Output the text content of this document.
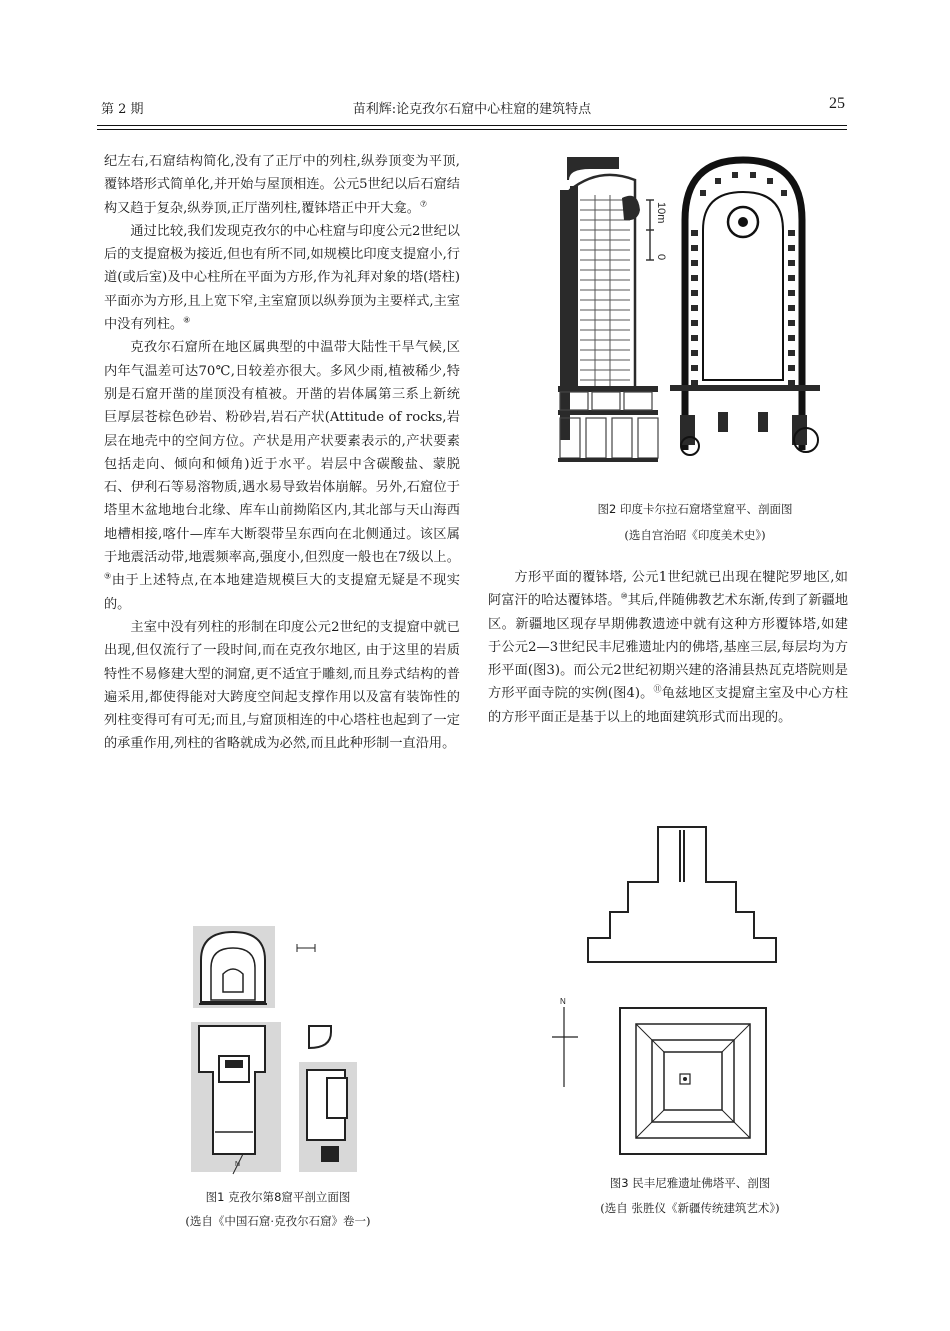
第 2 期	苗利辉:论克孜尔石窟中心柱窟的建筑特点	25

纪左右,石窟结构简化,没有了正厅中的列柱,纵券顶变为平顶,覆钵塔形式简单化,并开始与屋顶相连。公元5世纪以后石窟结构又趋于复杂,纵券顶,正厅凿列柱,覆钵塔正中开大龛。⑦

通过比较,我们发现克孜尔的中心柱窟与印度公元2世纪以后的支提窟极为接近,但也有所不同,如规模比印度支提窟小,行道(或后室)及中心柱所在平面为方形,作为礼拜对象的塔(塔柱)平面亦为方形,且上宽下窄,主室窟顶以纵券顶为主要样式,主室中没有列柱。⑧

克孜尔石窟所在地区属典型的中温带大陆性干旱气候,区内年气温差可达70℃,日较差亦很大。多风少雨,植被稀少,特别是石窟开凿的崖顶没有植被。开凿的岩体属第三系上新统巨厚层苍棕色砂岩、粉砂岩,岩石产状(Attitude of rocks,岩层在地壳中的空间方位。产状是用产状要素表示的,产状要素包括走向、倾向和倾角)近于水平。岩层中含碳酸盐、蒙脱石、伊利石等易溶物质,遇水易导致岩体崩解。另外,石窟位于塔里木盆地地台北缘、库车山前拗陷区内,其北部与天山海西地槽相接,喀什—库车大断裂带呈东西向在北侧通过。该区属于地震活动带,地震频率高,强度小,但烈度一般也在7级以上。⑨由于上述特点,在本地建造规模巨大的支提窟无疑是不现实的。

主室中没有列柱的形制在印度公元2世纪的支提窟中就已出现,但仅流行了一段时间,而在克孜尔地区, 由于这里的岩质特性不易修建大型的洞窟,更不适宜于雕刻,而且券式结构的普遍采用,都使得能对大跨度空间起支撑作用以及富有装饰性的列柱变得可有可无;而且,与窟顶相连的中心塔柱也起到了一定的承重作用,列柱的省略就成为必然,而且此种形制一直沿用。

方形平面的覆钵塔, 公元1世纪就已出现在犍陀罗地区,如阿富汗的哈达覆钵塔。⑩其后,伴随佛教艺术东渐,传到了新疆地区。新疆地区现存早期佛教遗迹中就有这种方形覆钵塔,如建于公元2—3世纪民丰尼雅遗址内的佛塔,基座三层,每层均为方形平面(图3)。而公元2世纪初期兴建的洛浦县热瓦克塔院则是方形平面寺院的实例(图4)。⑪龟兹地区支提窟主室及中心方柱的方形平面正是基于以上的地面建筑形式而出现的。

10m
0
图2 印度卡尔拉石窟塔堂窟平、剖面图
(选自宫治昭《印度美术史》)
N
图1 克孜尔第8窟平剖立面图
(选自《中国石窟·克孜尔石窟》卷一)
N
图3 民丰尼雅遗址佛塔平、剖图
(选自 张胜仪《新疆传统建筑艺术》)
